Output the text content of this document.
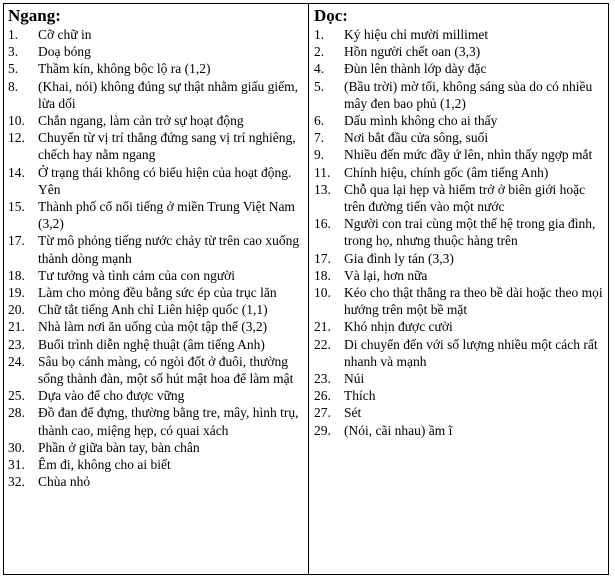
Ngang:
1.	Cỡ chữ in
3.	Doạ bóng
5.	Thầm kín, không bộc lộ ra (1,2)
8.	(Khai, nói) không đúng sự thật nhằm giấu giếm, lừa dối
10. Chắn ngang, làm cản trở sự hoạt động
12. Chuyển từ vị trí thẳng đứng sang vị trí nghiêng, chếch hay nằm ngang
14. Ở trạng thái không có biểu hiện của hoạt động. Yên
15. Thành phố cổ nổi tiếng ở miền Trung Việt Nam (3,2)
17. Từ mô phỏng tiếng nước chảy từ trên cao xuống thành dòng mạnh
18. Tư tưởng và tình cảm của con người
19. Làm cho mỏng đều bằng sức ép của trục lăn
20. Chữ tắt tiếng Anh chỉ Liên hiệp quốc (1,1)
21. Nhà làm nơi ăn uống của một tập thể (3,2)
23. Buổi trình diễn nghệ thuật (âm tiếng Anh)
24. Sâu bọ cánh màng, có ngòi đốt ở đuôi, thường sống thành đàn, một số hút mật hoa để làm mật
25. Dựa vào để cho được vững
28. Đồ đan để đựng, thường bằng tre, mây, hình trụ, thành cao, miệng hẹp, có quai xách
30. Phần ở giữa bàn tay, bàn chân
31. Êm đi, không cho ai biết
32. Chùa nhỏ
Dọc:
1.	Ký hiệu chỉ mười millimet
2.	Hồn người chết oan (3,3)
4.	Đùn lên thành lớp dày đặc
5.	(Bầu trời) mờ tối, không sáng sủa do có nhiều mây đen bao phủ (1,2)
6.	Dấu mình không cho ai thấy
7.	Nơi bắt đầu cửa sông, suối
9.	Nhiều đến mức đầy ứ lên, nhìn thấy ngợp mắt
11.	Chính hiệu, chính gốc (âm tiếng Anh)
13. Chỗ qua lại hẹp và hiểm trở ở biên giới hoặc trên đường tiến vào một nước
16. Người con trai cùng một thế hệ trong gia đình, trong họ, nhưng thuộc hàng trên
17. Gia đình ly tán (3,3)
18. Và lại, hơn nữa
10. Kéo cho thật thẳng ra theo bề dài hoặc theo mọi hướng trên một bề mặt
21. Khó nhịn được cười
22. Di chuyển đến với số lượng nhiều một cách rất nhanh và mạnh
23. Núi
26. Thích
27. Sét
29. (Nói, cãi nhau) ầm ĩ
